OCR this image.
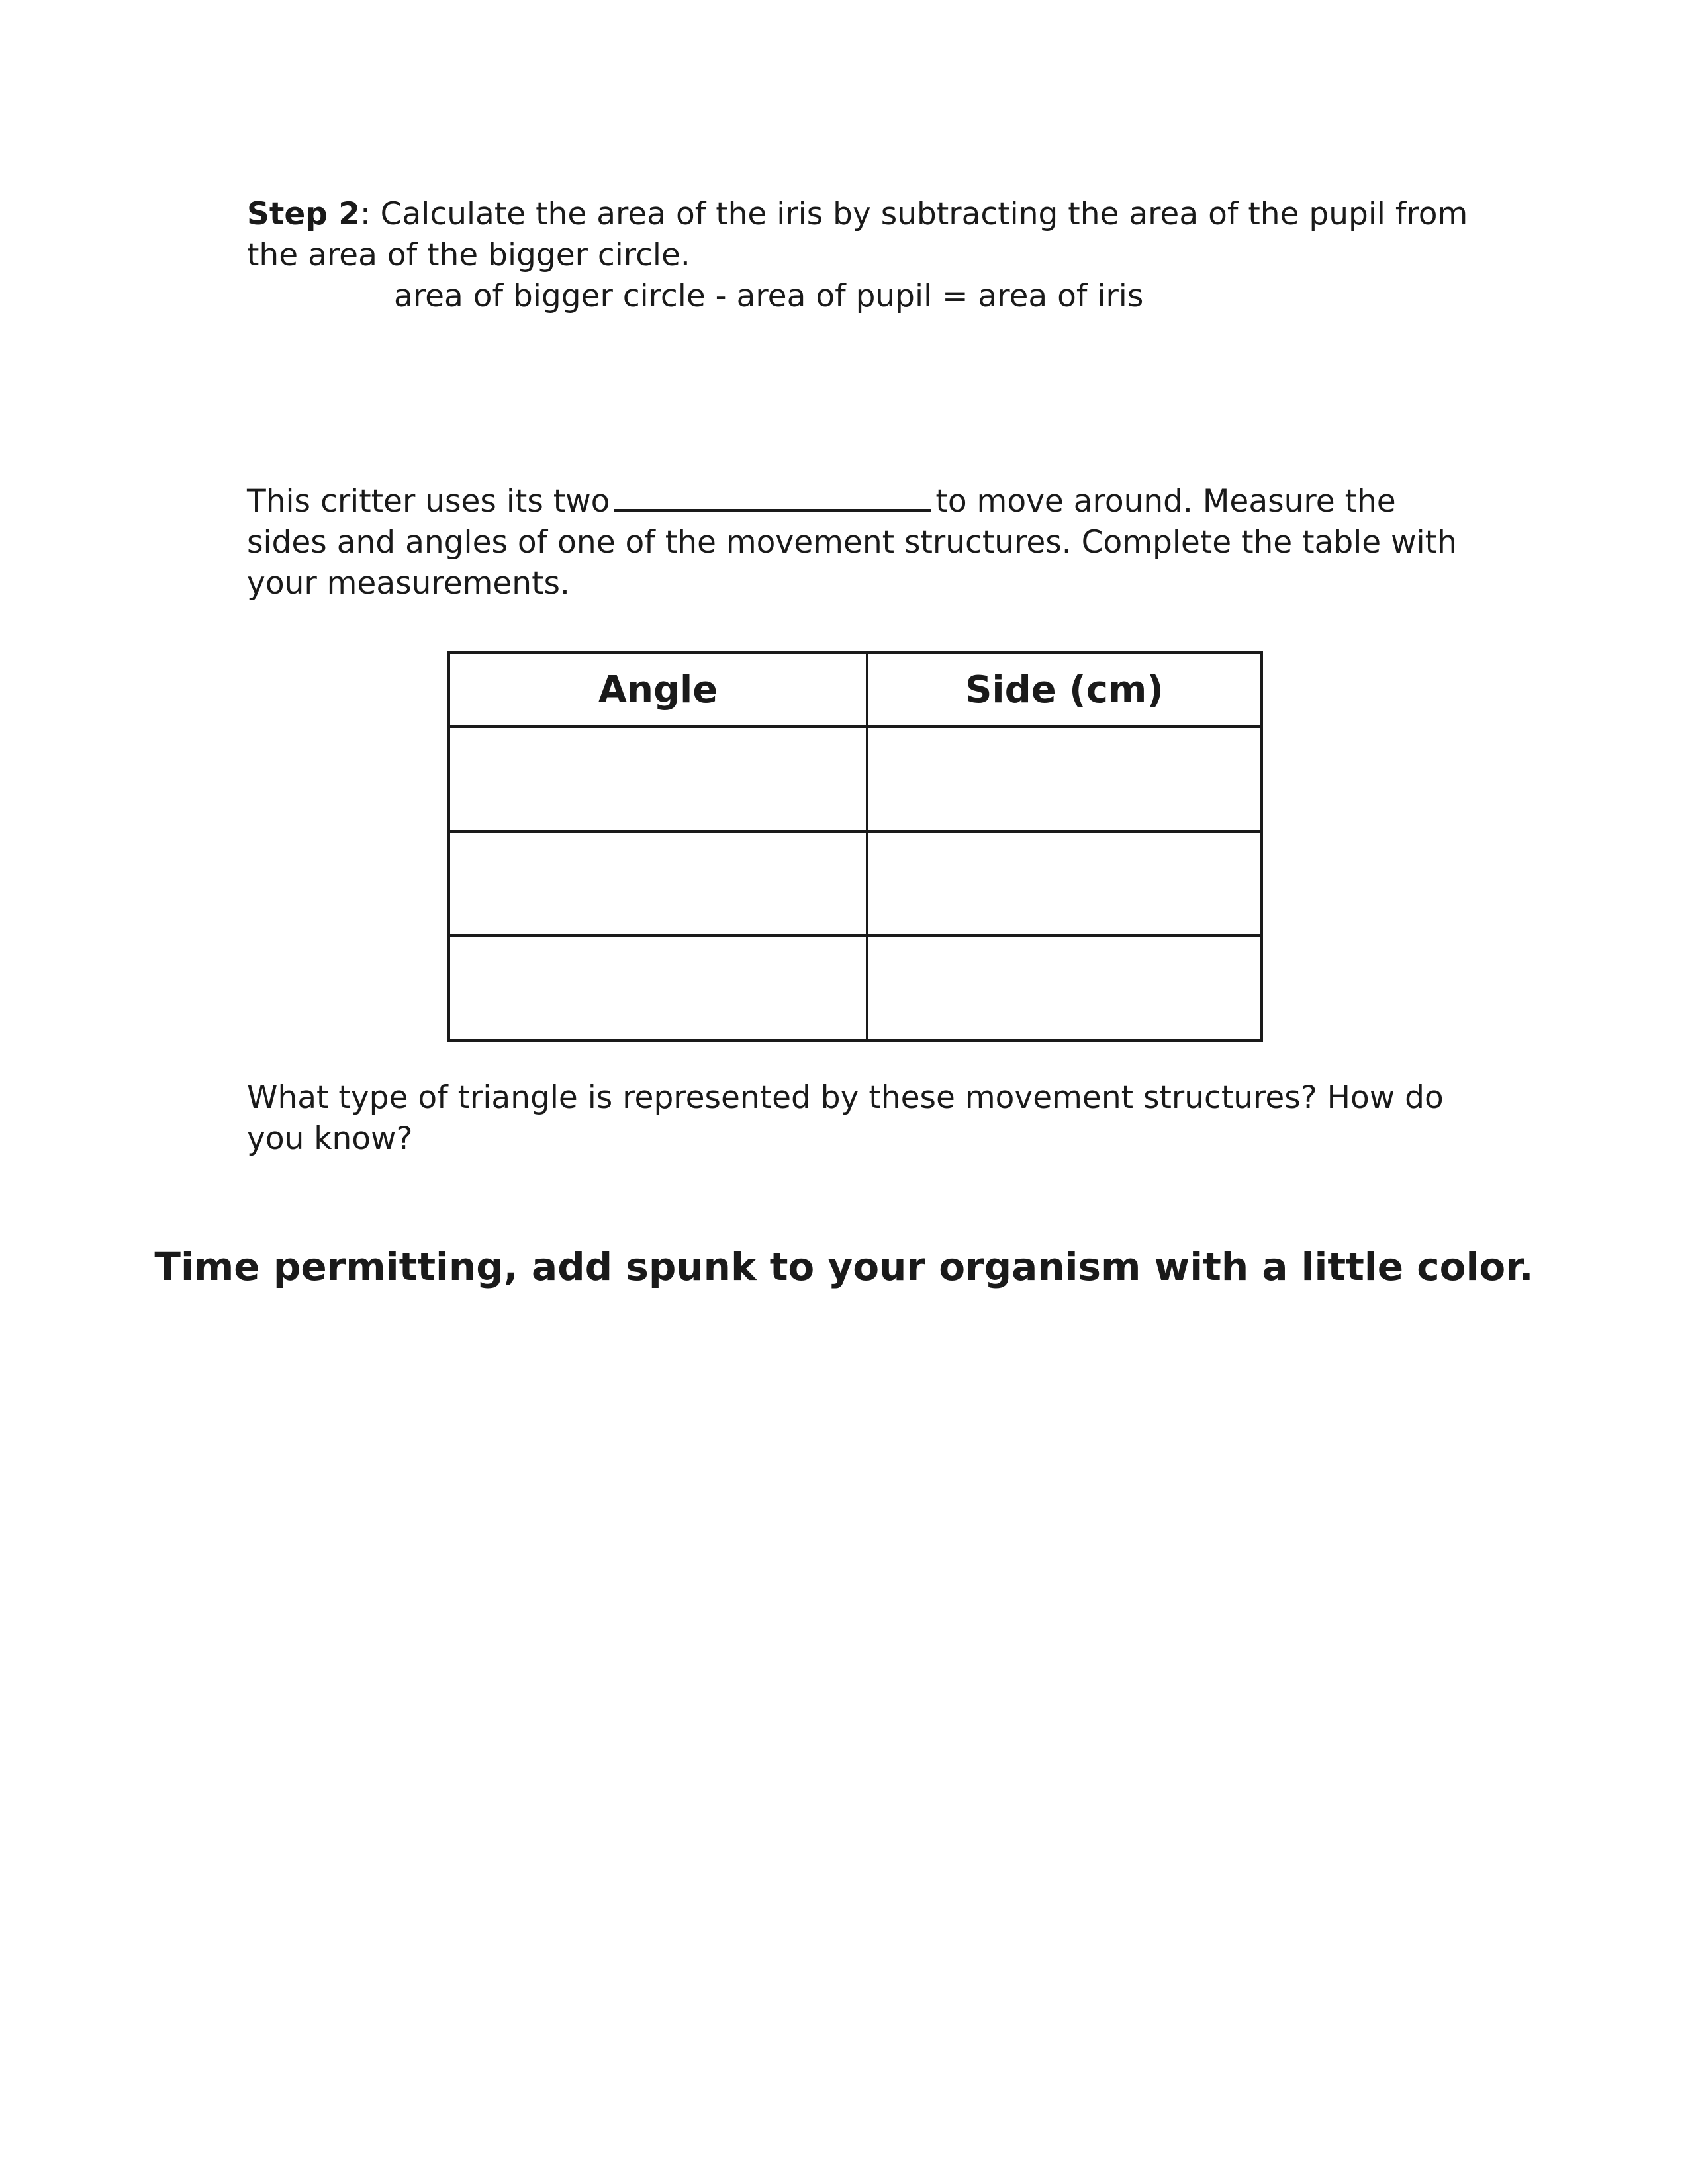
Step 2: Calculate the area of the iris by subtracting the area of the pupil from
the area of the bigger circle.
area of bigger circle - area of pupil = area of iris
This critter uses its two	to move around. Measure the
sides and angles of one of the movement structures. Complete the table with
your measurements.
Angle	Side (cm)

What type of triangle is represented by these movement structures? How do
you know?
Time permitting, add spunk to your organism with a little color.
